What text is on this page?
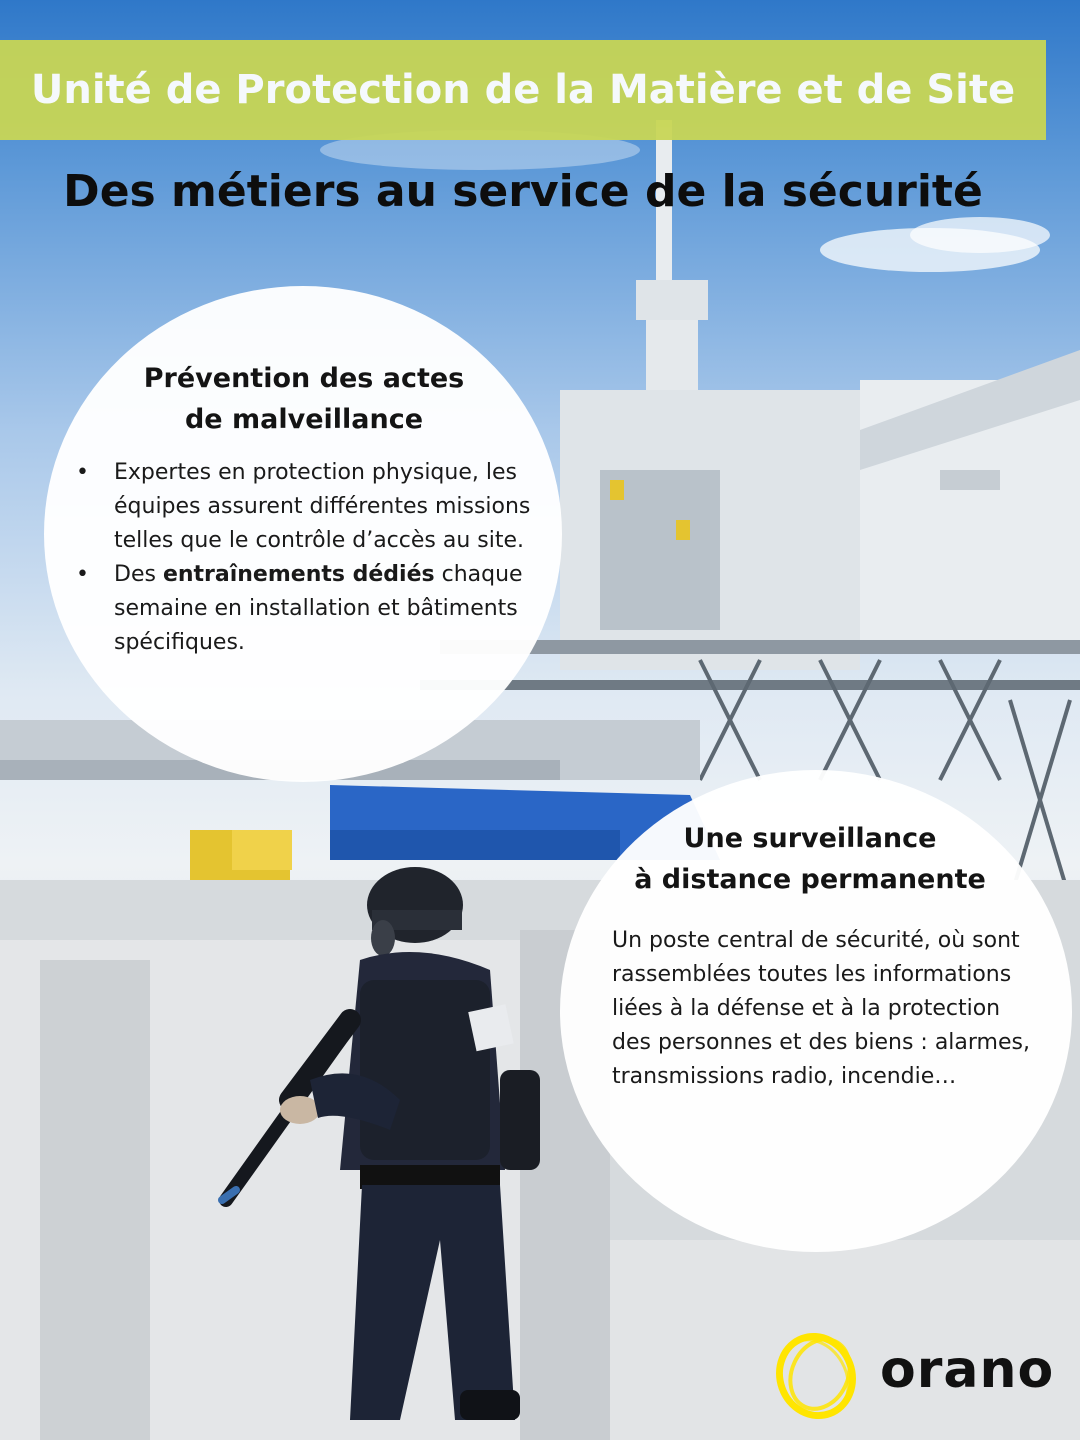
Unité de Protection de la Matière et de Site
Des métiers au service de la sécurité
Prévention des actes
de malveillance
• Expertes en protection physique, les équipes assurent différentes missions telles que le contrôle d’accès au site.
• Des entraînements dédiés chaque semaine en installation et bâtiments spécifiques.
Une surveillance
à distance permanente

Un poste central de sécurité, où sont rassemblées toutes les informations liées à la défense et à la protection des personnes et des biens : alarmes, transmissions radio, incendie…

orano
